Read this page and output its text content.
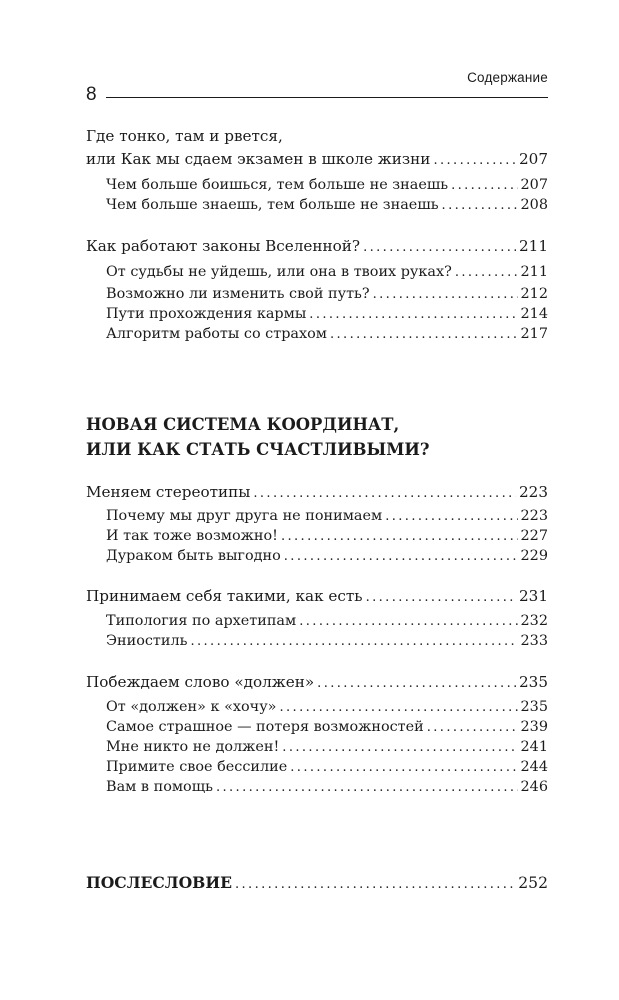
Содержание
8
Где тонко, там и рвется,
или Как мы сдаем экзамен в школе жизни .....	207
Чем больше боишься, тем больше не знаешь .....	207
Чем больше знаешь, тем больше не знаешь .....	208
Как работают законы Вселенной? .....	211
От судьбы не уйдешь, или она в твоих руках? .....	211
Возможно ли изменить свой путь? .....	212
Пути прохождения кармы .....	214
Алгоритм работы со страхом .....	217
НОВАЯ СИСТЕМА КООРДИНАТ,
ИЛИ КАК СТАТЬ СЧАСТЛИВЫМИ?
Меняем стереотипы .....	223
Почему мы друг друга не понимаем .....	223
И так тоже возможно! .....	227
Дураком быть выгодно .....	229
Принимаем себя такими, как есть .....	231
Типология по архетипам .....	232
Эниостиль .....	233
Побеждаем слово «должен» .....	235
От «должен» к «хочу» .....	235
Самое страшное — потеря возможностей .....	239
Мне никто не должен! .....	241
Примите свое бессилие .....	244
Вам в помощь .....	246
ПОСЛЕСЛОВИЕ .....	252
